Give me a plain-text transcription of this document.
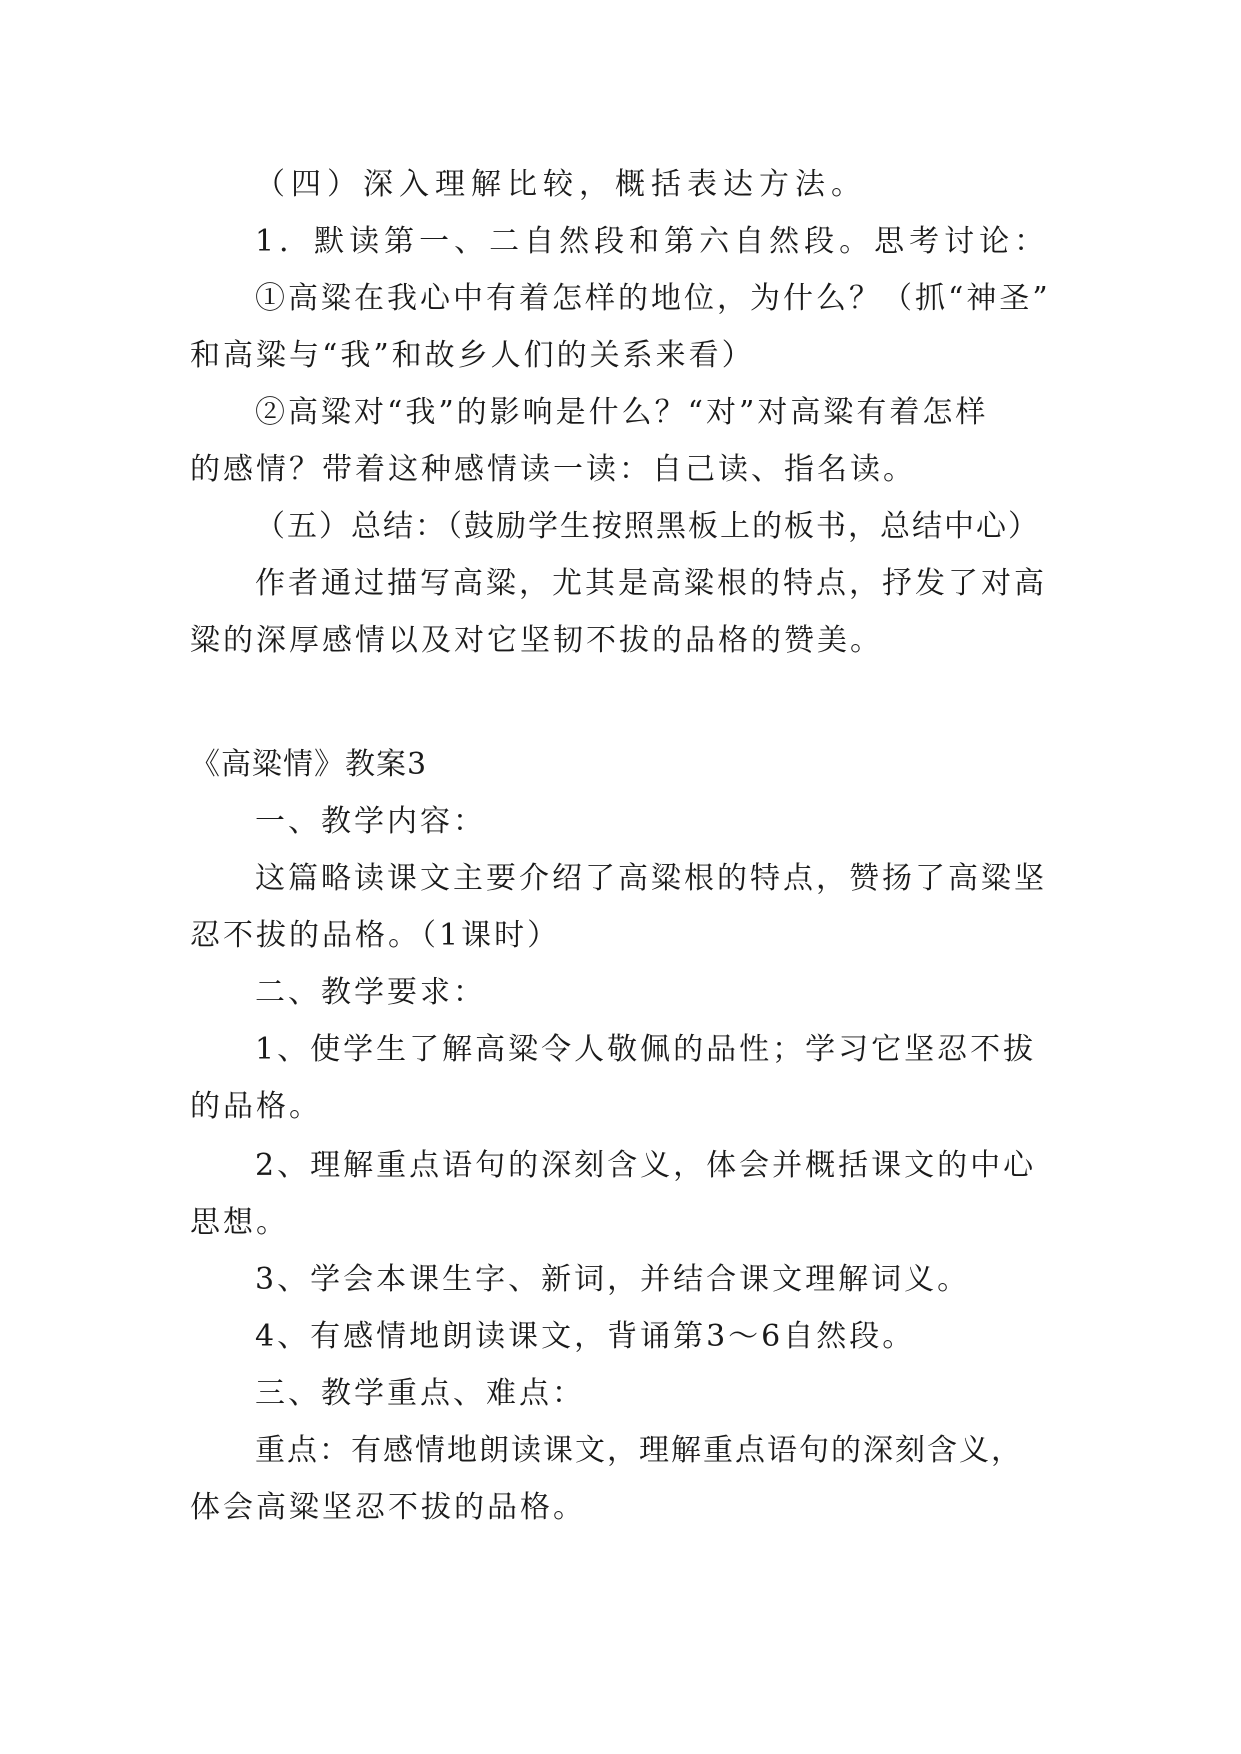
（四）深入理解比较，概括表达方法。

1．默读第一、二自然段和第六自然段。思考讨论：

①高粱在我心中有着怎样的地位，为什么？（抓“神圣”

和高粱与“我”和故乡人们的关系来看）

②高粱对“我”的影响是什么？“对”对高粱有着怎样

的感情？带着这种感情读一读：自己读、指名读。

（五）总结：（鼓励学生按照黑板上的板书，总结中心）

作者通过描写高粱，尤其是高粱根的特点，抒发了对高

粱的深厚感情以及对它坚韧不拔的品格的赞美。

《高粱情》教案3

一、教学内容：

这篇略读课文主要介绍了高粱根的特点，赞扬了高粱坚

忍不拔的品格。（1课时）

二、教学要求：

1、使学生了解高粱令人敬佩的品性；学习它坚忍不拔

的品格。

2、理解重点语句的深刻含义，体会并概括课文的中心

思想。

3、学会本课生字、新词，并结合课文理解词义。

4、有感情地朗读课文，背诵第3～6自然段。

三、教学重点、难点：

重点：有感情地朗读课文，理解重点语句的深刻含义，

体会高粱坚忍不拔的品格。
